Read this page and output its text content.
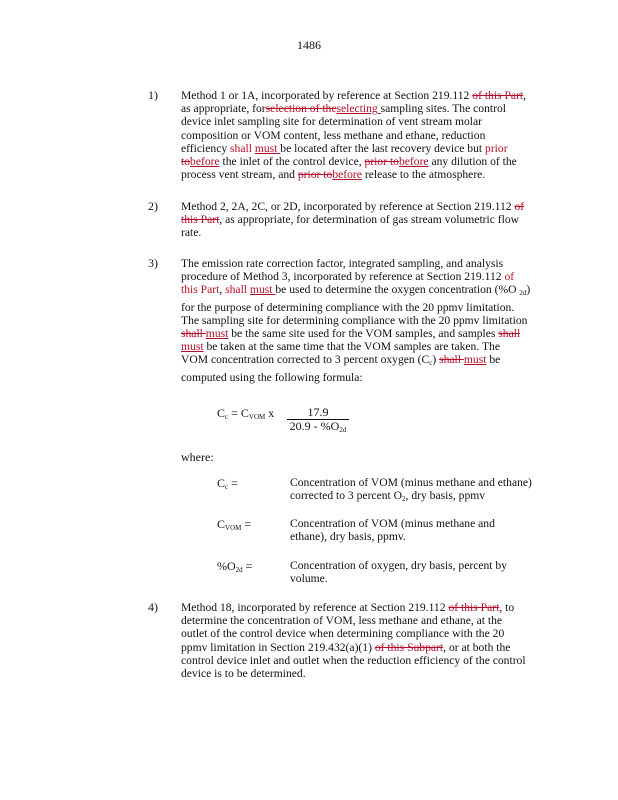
1486
1) Method 1 or 1A, incorporated by reference at Section 219.112 of this Part,
as appropriate, forselection of theselecting sampling sites. The control
device inlet sampling site for determination of vent stream molar
composition or VOM content, less methane and ethane, reduction
efficiency shall must be located after the last recovery device but prior
tobefore the inlet of the control device, prior tobefore any dilution of the
process vent stream, and prior tobefore release to the atmosphere.
2) Method 2, 2A, 2C, or 2D, incorporated by reference at Section 219.112 of
this Part, as appropriate, for determination of gas stream volumetric flow
rate.
3) The emission rate correction factor, integrated sampling, and analysis
procedure of Method 3, incorporated by reference at Section 219.112 of
this Part, shall must be used to determine the oxygen concentration (%O $_{2d}$)
for the purpose of determining compliance with the 20 ppmv limitation.
The sampling site for determining compliance with the 20 ppmv limitation
shall must be the same site used for the VOM samples, and samples shall
must be taken at the same time that the VOM samples are taken. The
VOM concentration corrected to 3 percent oxygen $(C_c)$ shall must be
computed using the following formula:
$C_c = C_{VOM}$ x	17.9
$20.9 - \%O_{2d}$
where:
$C_c$ =	Concentration of VOM (minus methane and ethane)
corrected to 3 percent $O_2$, dry basis, ppmv
$C_{VOM}$ =	Concentration of VOM (minus methane and
ethane), dry basis, ppmv.
$\%O_{2d}$ =	Concentration of oxygen, dry basis, percent by
volume.
4) Method 18, incorporated by reference at Section 219.112 of this Part, to
determine the concentration of VOM, less methane and ethane, at the
outlet of the control device when determining compliance with the 20
ppmv limitation in Section 219.432(a)(1) of this Subpart, or at both the
control device inlet and outlet when the reduction efficiency of the control
device is to be determined.
